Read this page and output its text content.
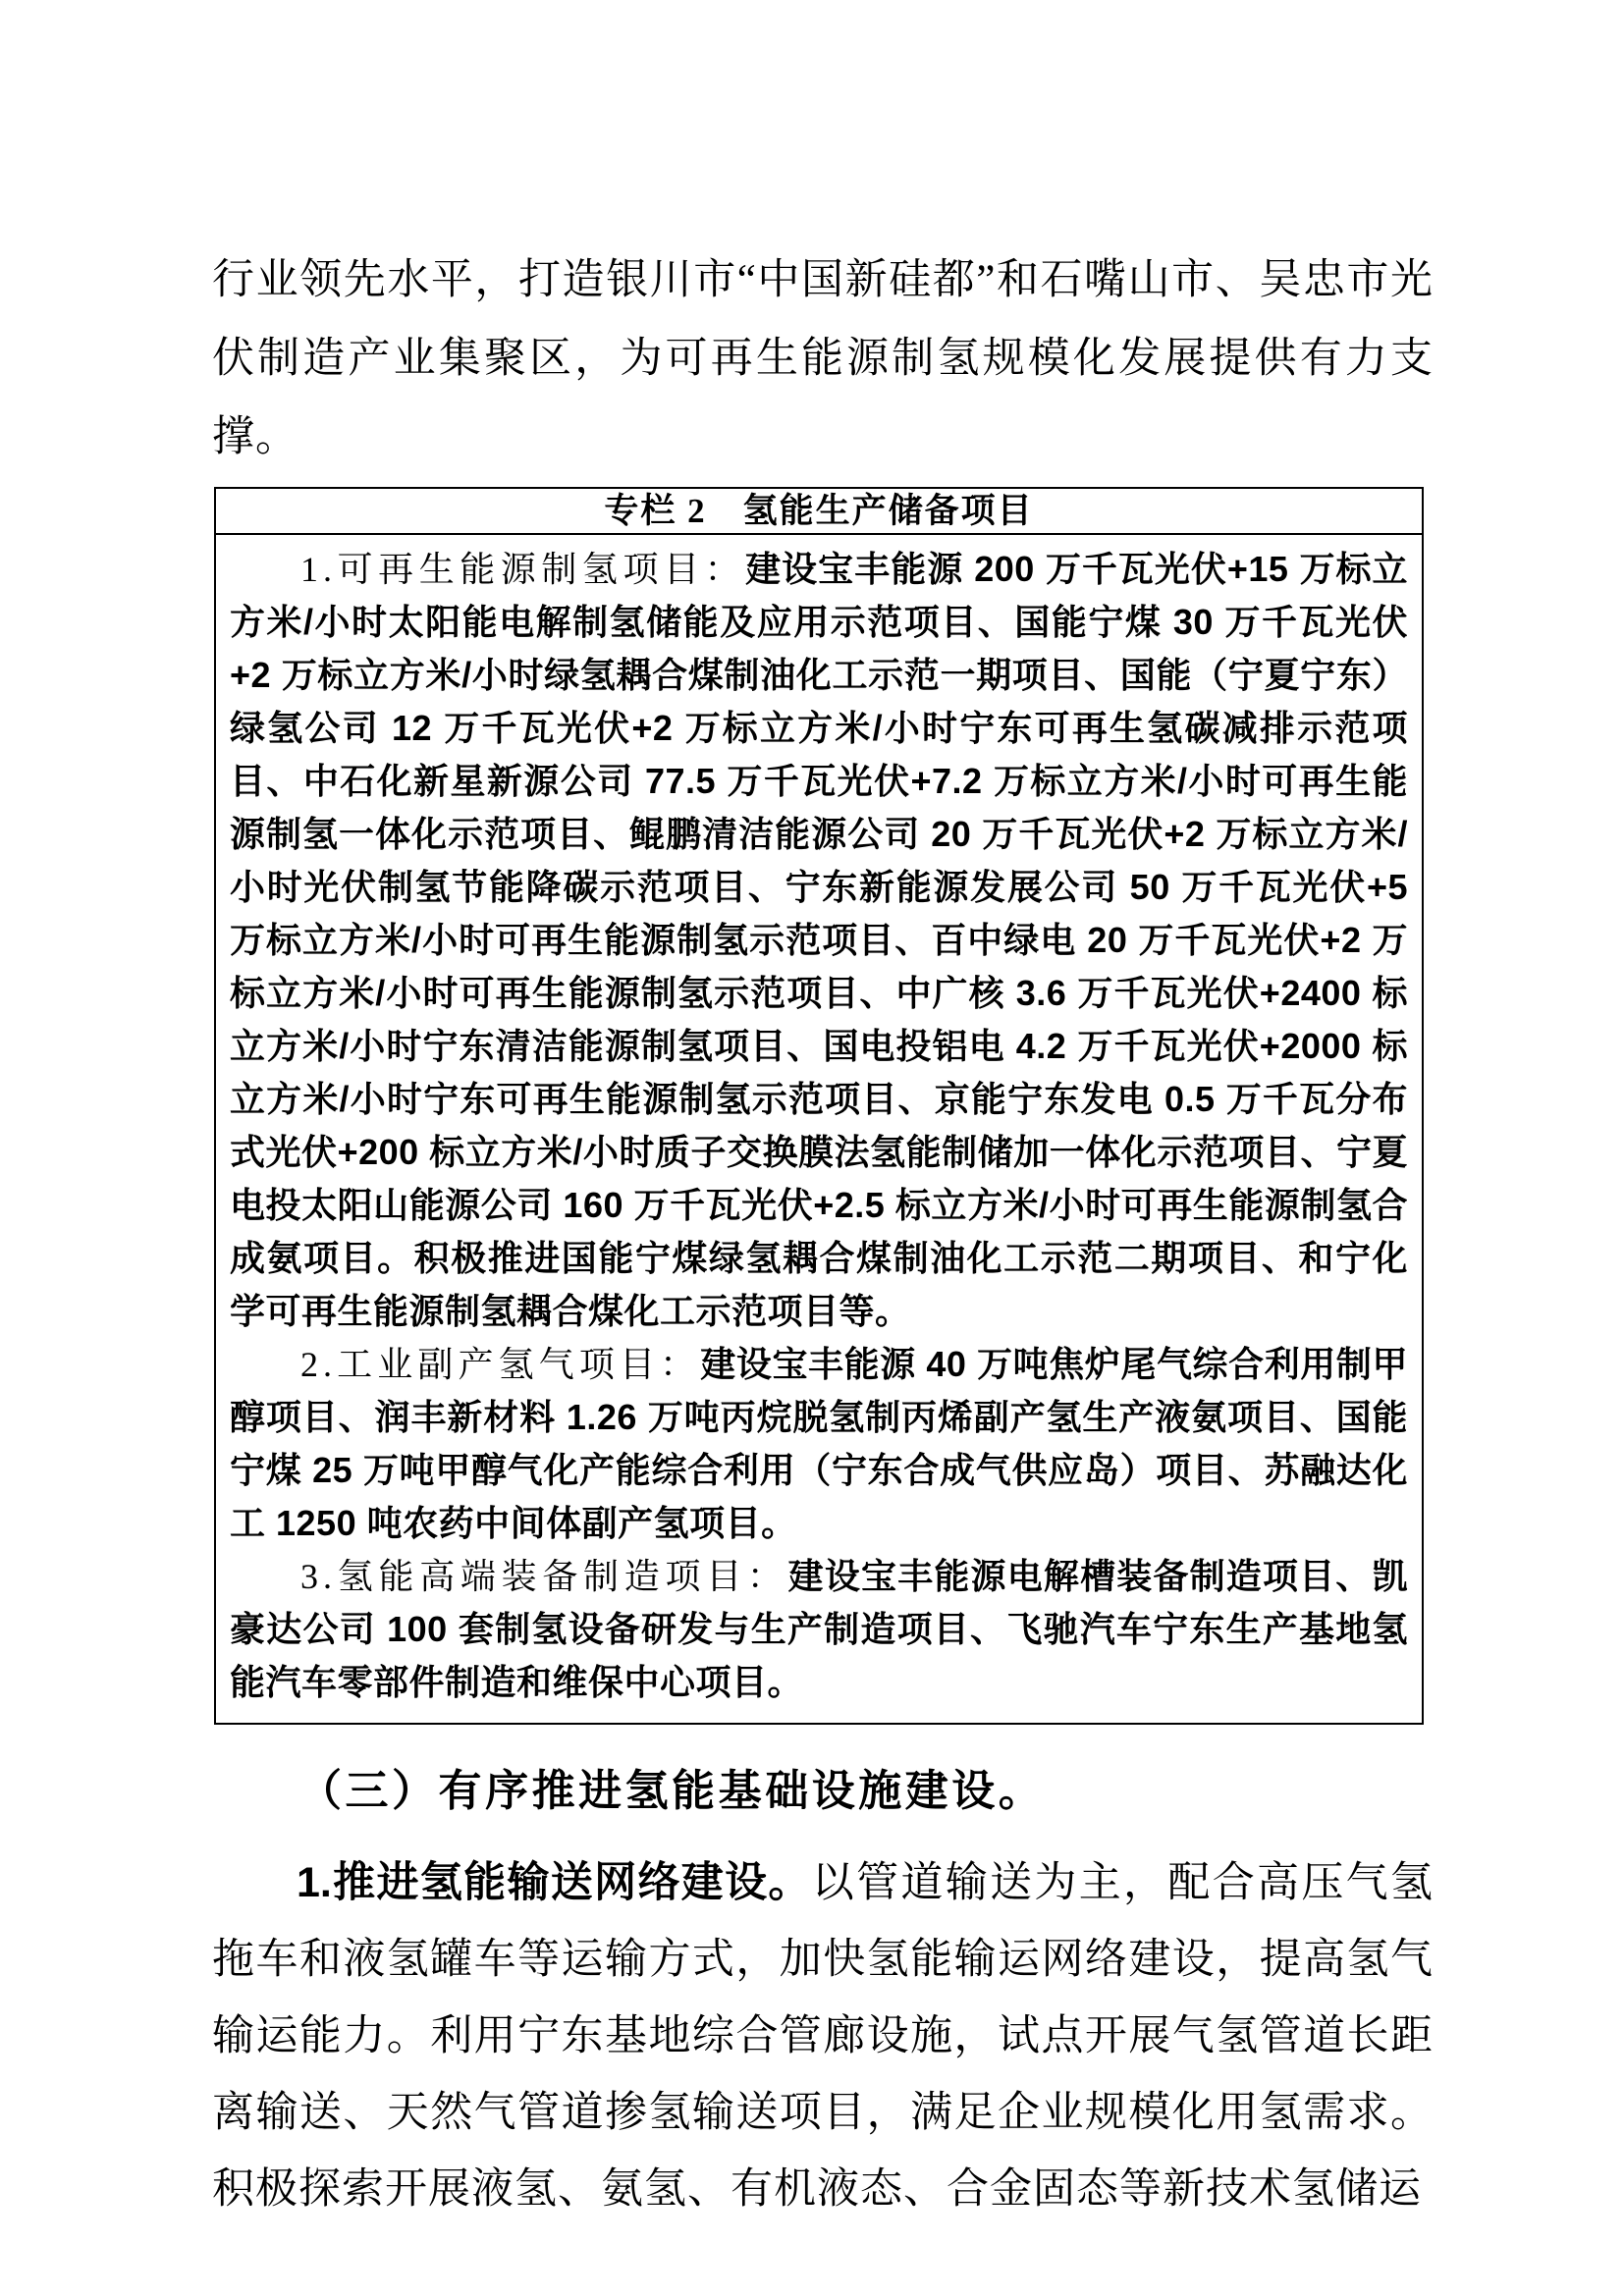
行业领先水平，打造银川市“中国新硅都”和石嘴山市、吴忠市光伏制造产业集聚区，为可再生能源制氢规模化发展提供有力支撑。

专栏 2　氢能生产储备项目

1.可再生能源制氢项目：建设宝丰能源 200 万千瓦光伏+15 万标立方米/小时太阳能电解制氢储能及应用示范项目、国能宁煤 30 万千瓦光伏+2 万标立方米/小时绿氢耦合煤制油化工示范一期项目、国能（宁夏宁东）绿氢公司 12 万千瓦光伏+2 万标立方米/小时宁东可再生氢碳减排示范项目、中石化新星新源公司 77.5 万千瓦光伏+7.2 万标立方米/小时可再生能源制氢一体化示范项目、鲲鹏清洁能源公司 20 万千瓦光伏+2 万标立方米/小时光伏制氢节能降碳示范项目、宁东新能源发展公司 50 万千瓦光伏+5 万标立方米/小时可再生能源制氢示范项目、百中绿电 20 万千瓦光伏+2 万标立方米/小时可再生能源制氢示范项目、中广核 3.6 万千瓦光伏+2400 标立方米/小时宁东清洁能源制氢项目、国电投铝电 4.2 万千瓦光伏+2000 标立方米/小时宁东可再生能源制氢示范项目、京能宁东发电 0.5 万千瓦分布式光伏+200 标立方米/小时质子交换膜法氢能制储加一体化示范项目、宁夏电投太阳山能源公司 160 万千瓦光伏+2.5 标立方米/小时可再生能源制氢合成氨项目。积极推进国能宁煤绿氢耦合煤制油化工示范二期项目、和宁化学可再生能源制氢耦合煤化工示范项目等。

2.工业副产氢气项目：建设宝丰能源 40 万吨焦炉尾气综合利用制甲醇项目、润丰新材料 1.26 万吨丙烷脱氢制丙烯副产氢生产液氨项目、国能宁煤 25 万吨甲醇气化产能综合利用（宁东合成气供应岛）项目、苏融达化工 1250 吨农药中间体副产氢项目。

3.氢能高端装备制造项目：建设宝丰能源电解槽装备制造项目、凯豪达公司 100 套制氢设备研发与生产制造项目、飞驰汽车宁东生产基地氢能汽车零部件制造和维保中心项目。

（三）有序推进氢能基础设施建设。

1.推进氢能输送网络建设。以管道输送为主，配合高压气氢拖车和液氢罐车等运输方式，加快氢能输运网络建设，提高氢气输运能力。利用宁东基地综合管廊设施，试点开展气氢管道长距离输送、天然气管道掺氢输送项目，满足企业规模化用氢需求。积极探索开展液氢、氨氢、有机液态、合金固态等新技术氢储运
